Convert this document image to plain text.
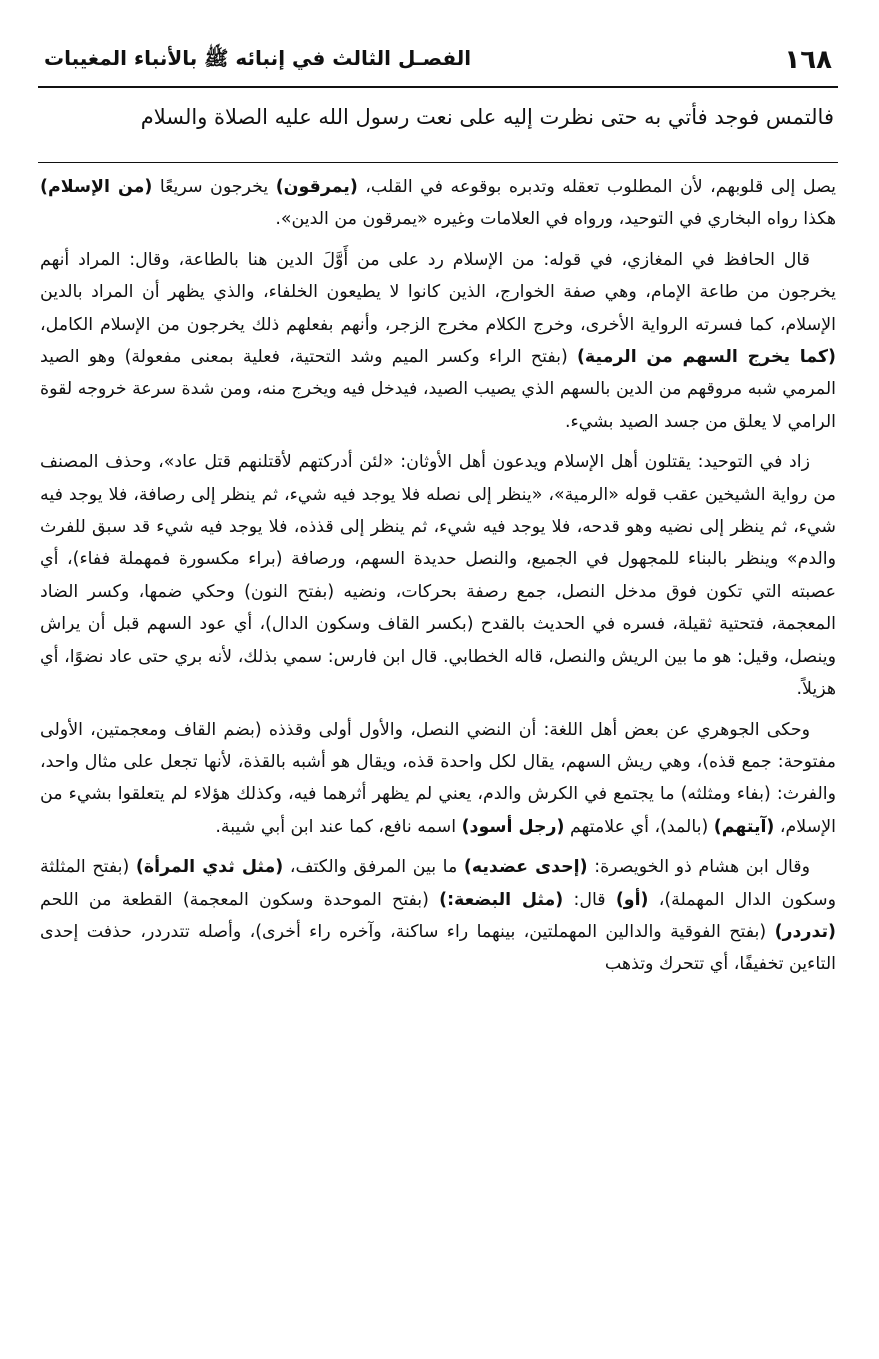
١٦٨
الفصـل الثالث في إنبائه ﷺ بالأنباء المغيبات
فالتمس فوجد فأتي به حتى نظرت إليه على نعت رسول الله عليه الصلاة والسلام

يصل إلى قلوبهم، لأن المطلوب تعقله وتدبره بوقوعه في القلب، (يمرقون) يخرجون سريعًا (من الإسلام) هكذا رواه البخاري في التوحيد، ورواه في العلامات وغيره «يمرقون من الدين».

قال الحافظ في المغازي، في قوله: من الإسلام رد على من أَوَّلَ الدين هنا بالطاعة، وقال: المراد أنهم يخرجون من طاعة الإمام، وهي صفة الخوارج، الذين كانوا لا يطيعون الخلفاء، والذي يظهر أن المراد بالدين الإسلام، كما فسرته الرواية الأخرى، وخرج الكلام مخرج الزجر، وأنهم بفعلهم ذلك يخرجون من الإسلام الكامل، (كما يخرج السهم من الرمية) (بفتح الراء وكسر الميم وشد التحتية، فعلية بمعنى مفعولة) وهو الصيد المرمي شبه مروقهم من الدين بالسهم الذي يصيب الصيد، فيدخل فيه ويخرج منه، ومن شدة سرعة خروجه لقوة الرامي لا يعلق من جسد الصيد بشيء.

زاد في التوحيد: يقتلون أهل الإسلام ويدعون أهل الأوثان: «لئن أدركتهم لأقتلنهم قتل عاد»، وحذف المصنف من رواية الشيخين عقب قوله «الرمية»، «ينظر إلى نصله فلا يوجد فيه شيء، ثم ينظر إلى رصافة، فلا يوجد فيه شيء، ثم ينظر إلى نضيه وهو قدحه، فلا يوجد فيه شيء، ثم ينظر إلى قذذه، فلا يوجد فيه شيء قد سبق للفرث والدم» وينظر بالبناء للمجهول في الجميع، والنصل حديدة السهم، ورصافة (براء مكسورة فمهملة ففاء)، أي عصبته التي تكون فوق مدخل النصل، جمع رصفة بحركات، ونضيه (بفتح النون) وحكي ضمها، وكسر الضاد المعجمة، فتحتية ثقيلة، فسره في الحديث بالقدح (بكسر القاف وسكون الدال)، أي عود السهم قبل أن يراش وينصل، وقيل: هو ما بين الريش والنصل، قاله الخطابي. قال ابن فارس: سمي بذلك، لأنه بري حتى عاد نضوًا، أي هزيلاً.

وحكى الجوهري عن بعض أهل اللغة: أن النضي النصل، والأول أولى وقذذه (بضم القاف ومعجمتين، الأولى مفتوحة: جمع قذه)، وهي ريش السهم، يقال لكل واحدة قذه، ويقال هو أشبه بالقذة، لأنها تجعل على مثال واحد، والفرث: (بفاء ومثلثه) ما يجتمع في الكرش والدم، يعني لم يظهر أثرهما فيه، وكذلك هؤلاء لم يتعلقوا بشيء من الإسلام، (آيتهم) (بالمد)، أي علامتهم (رجل أسود) اسمه نافع، كما عند ابن أبي شيبة.

وقال ابن هشام ذو الخويصرة: (إحدى عضديه) ما بين المرفق والكتف، (مثل ثدي المرأة) (بفتح المثلثة وسكون الدال المهملة)، (أو) قال: (مثل البضعة:) (بفتح الموحدة وسكون المعجمة) القطعة من اللحم (تدردر) (بفتح الفوقية والدالين المهملتين، بينهما راء ساكنة، وآخره راء أخرى)، وأصله تتدردر، حذفت إحدى التاءين تخفيفًا، أي تتحرك وتذهب
